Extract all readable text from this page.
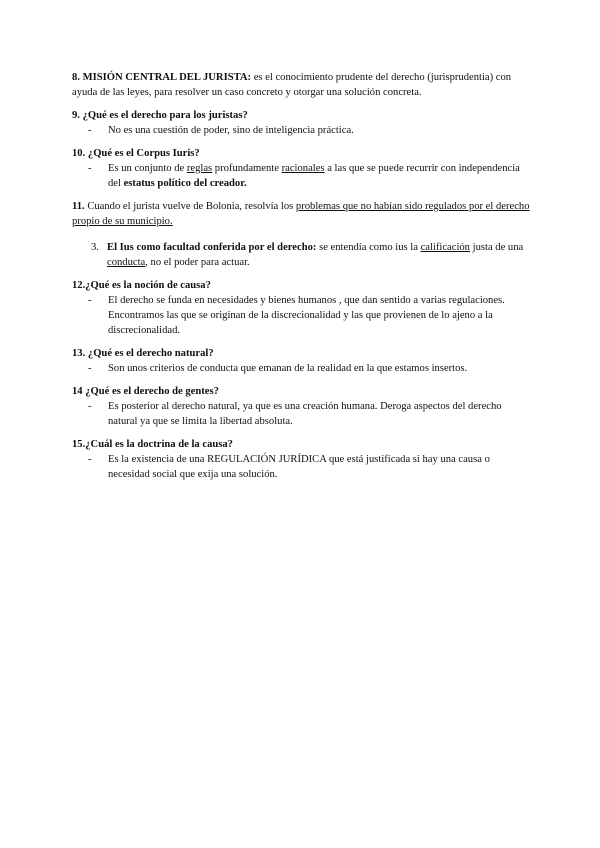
8. MISIÓN CENTRAL DEL JURISTA: es el conocimiento prudente del derecho (jurisprudentia) con ayuda de las leyes, para resolver un caso concreto y otorgar una solución concreta.
9. ¿Qué es el derecho para los juristas?
-	No es una cuestión de poder, sino de inteligencia práctica.
10. ¿Qué es el Corpus Iuris?
-	Es un conjunto de reglas profundamente racionales a las que se puede recurrir con independencia del estatus político del creador.
11. Cuando el jurista vuelve de Bolonia, resolvía los problemas que no habían sido regulados por el derecho propio de su municipio.
3. El Ius como facultad conferida por el derecho: se entendía como ius la calificación justa de una conducta, no el poder para actuar.
12.¿Qué es la noción de causa?
-	El derecho se funda en necesidades y bienes humanos , que dan sentido a varias regulaciones. Encontramos las que se originan de la discrecionalidad y las que provienen de lo ajeno a la discrecionalidad.
13. ¿Qué es el derecho natural?
-	Son unos criterios de conducta que emanan de la realidad en la que estamos insertos.
14 ¿Qué es el derecho de gentes?
-	Es posterior al derecho natural, ya que es una creación humana. Deroga aspectos del derecho natural ya que se limita la libertad absoluta.
15.¿Cuál es la doctrina de la causa?
-	Es la existencia de una REGULACIÓN JURÍDICA que está justificada si hay una causa o necesidad social que exija una solución.
